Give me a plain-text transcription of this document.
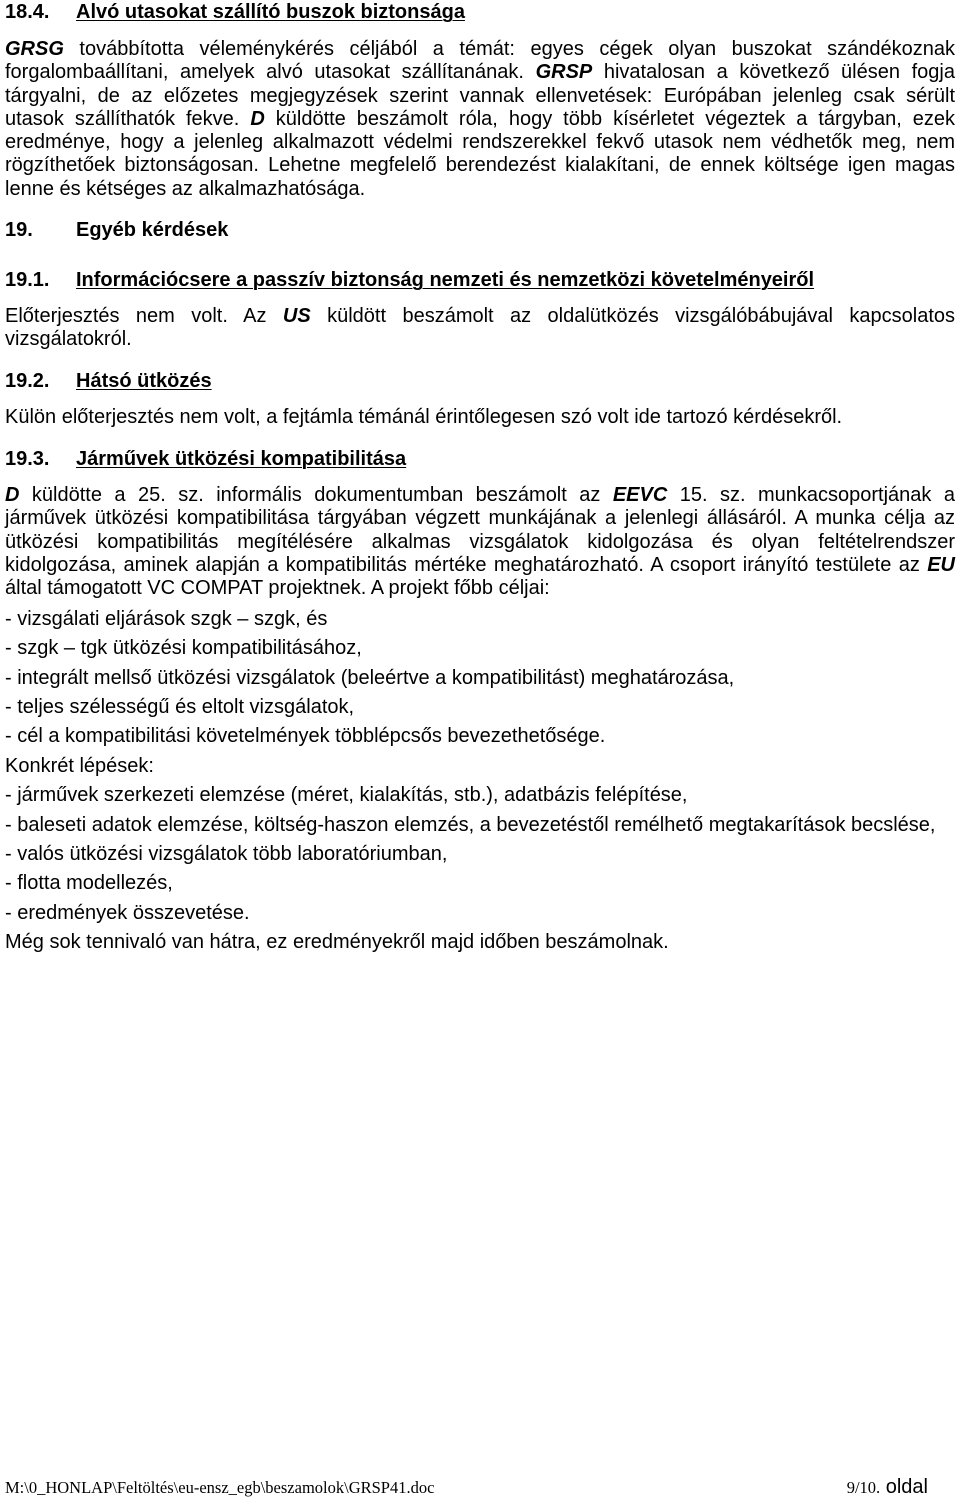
18.4. Alvó utasokat szállító buszok biztonsága
GRSG továbbította véleménykérés céljából a témát: egyes cégek olyan buszokat szándékoznak
forgalombaállítani, amelyek alvó utasokat szállítanának. GRSP hivatalosan a következő ülésen fogja
tárgyalni, de az előzetes megjegyzések szerint vannak ellenvetések: Európában jelenleg csak sérült
utasok szállíthatók fekve. D küldötte beszámolt róla, hogy több kísérletet végeztek a tárgyban, ezek
eredménye, hogy a jelenleg alkalmazott védelmi rendszerekkel fekvő utasok nem védhetők meg, nem
rögzíthetőek biztonságosan. Lehetne megfelelő berendezést kialakítani, de ennek költsége igen magas
lenne és kétséges az alkalmazhatósága.
19. Egyéb kérdések
19.1. Információcsere a passzív biztonság nemzeti és nemzetközi követelményeiről
Előterjesztés nem volt. Az US küldött beszámolt az oldalütközés vizsgálóbábujával kapcsolatos
vizsgálatokról.
19.2. Hátsó ütközés
Külön előterjesztés nem volt, a fejtámla témánál érintőlegesen szó volt ide tartozó kérdésekről.
19.3. Járművek ütközési kompatibilitása
D küldötte a 25. sz. informális dokumentumban beszámolt az EEVC 15. sz. munkacsoportjának a
járművek ütközési kompatibilitása tárgyában végzett munkájának a jelenlegi állásáról. A munka célja az
ütközési kompatibilitás megítélésére alkalmas vizsgálatok kidolgozása és olyan feltételrendszer
kidolgozása, aminek alapján a kompatibilitás mértéke meghatározható. A csoport irányító testülete az EU
által támogatott VC COMPAT projektnek. A projekt főbb céljai:
- vizsgálati eljárások szgk – szgk, és
- szgk – tgk ütközési kompatibilitásához,
- integrált mellső ütközési vizsgálatok (beleértve a kompatibilitást) meghatározása,
- teljes szélességű és eltolt vizsgálatok,
- cél a kompatibilitási követelmények többlépcsős bevezethetősége.
Konkrét lépések:
- járművek szerkezeti elemzése (méret, kialakítás, stb.), adatbázis felépítése,
- baleseti adatok elemzése, költség-haszon elemzés, a bevezetéstől remélhető megtakarítások becslése,
- valós ütközési vizsgálatok több laboratóriumban,
- flotta modellezés,
- eredmények összevetése.
Még sok tennivaló van hátra, ez eredményekről majd időben beszámolnak.
M:\0_HONLAP\Feltöltés\eu-ensz_egb\beszamolok\GRSP41.doc	9/10. oldal
